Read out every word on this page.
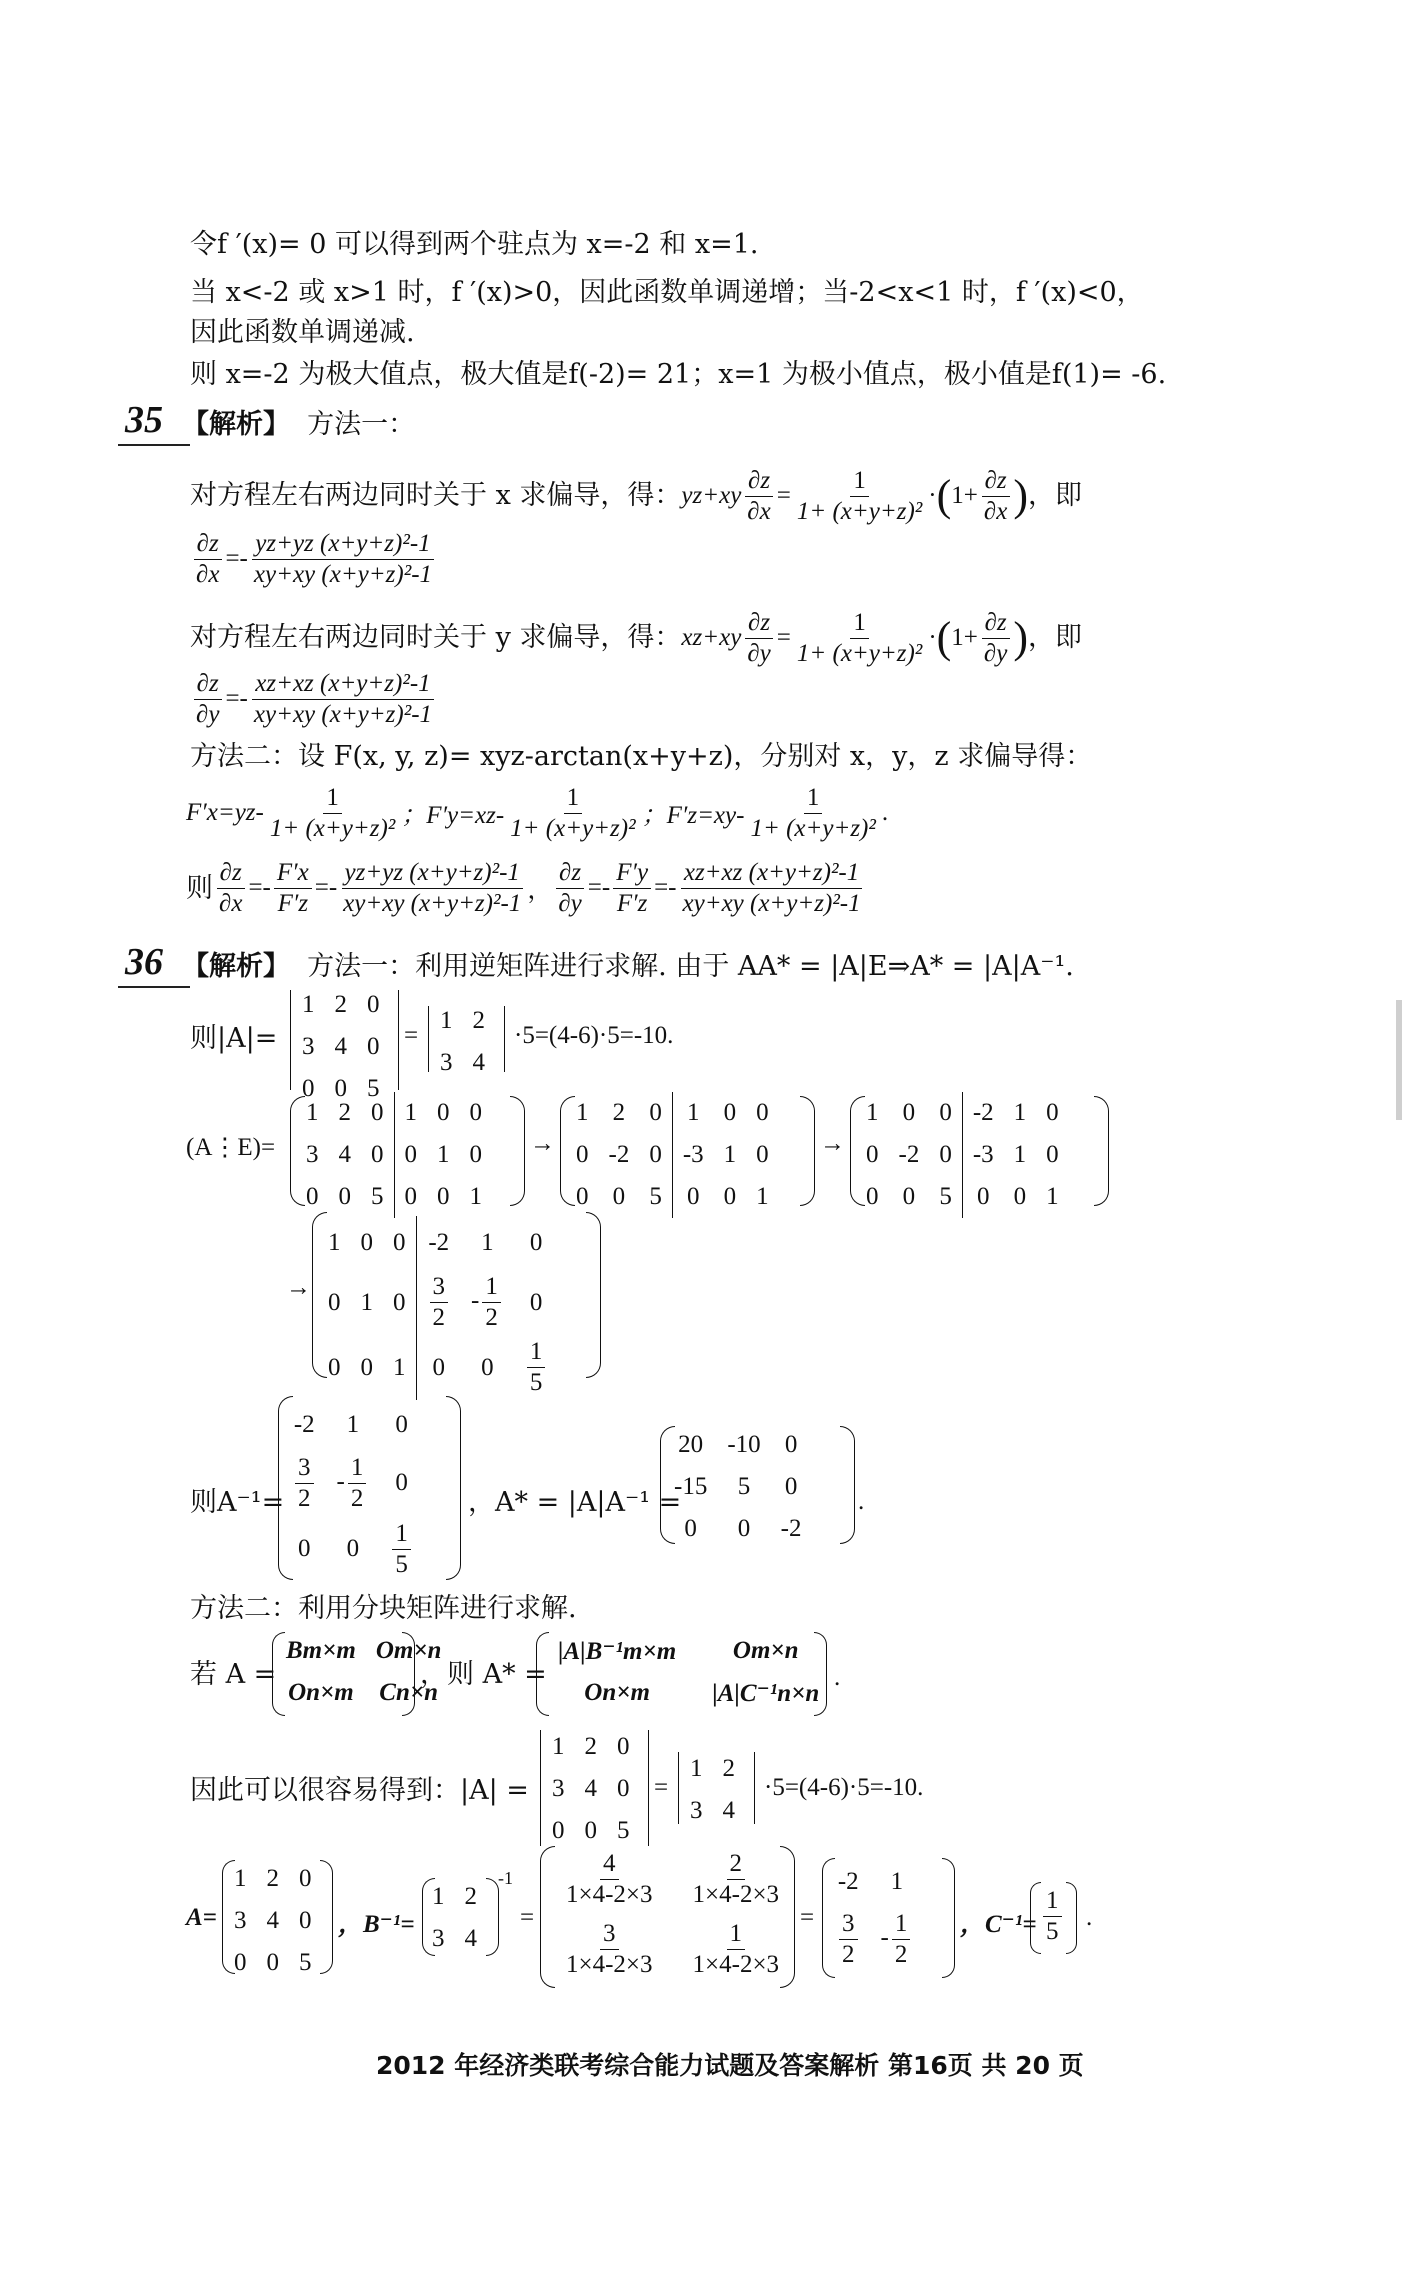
令f ′(x)= 0 可以得到两个驻点为 x=-2 和 x=1.
当 x<-2 或 x>1 时，f ′(x)>0，因此函数单调递增；当-2<x<1 时，f ′(x)<0，
因此函数单调递减.
则 x=-2 为极大值点，极大值是f(-2)= 21；x=1 为极小值点，极小值是f(1)= -6.
35 【解析】 方法一：
对方程左右两边同时关于 x 求偏导，得： $yz+xy \frac{\partial z}{\partial x} = \frac{1}{\text{1+ (x+y+z)²}}$ · ( $1+ \frac{\partial z}{\partial x}$ ) ，即
$\frac{\partial z}{\partial x} =- \frac{\text{yz+yz (x+y+z)²-1}}{\text{xy+xy (x+y+z)²-1}}$
对方程左右两边同时关于 y 求偏导，得： $xz+xy \frac{\partial z}{\partial y} = \frac{1}{\text{1+ (x+y+z)²}}$ · ( $1+ \frac{\partial z}{\partial y}$ ) ，即
$\frac{\partial z}{\partial y} =- \frac{\text{xz+xz (x+y+z)²-1}}{\text{xy+xy (x+y+z)²-1}}$
方法二：设 F(x, y, z)= xyz-arctan(x+y+z)，分别对 x，y，z 求偏导得：
$F'x=yz- \frac{1}{\text{1+ (x+y+z)²}}$ ；$F'y=xz- \frac{1}{\text{1+ (x+y+z)²}}$ ；$F'z=xy- \frac{1}{\text{1+ (x+y+z)²}}$ .
则 $\frac{\partial z}{\partial x} =- \frac{F'x}{F'z} =- \frac{\text{yz+yz (x+y+z)²-1}}{\text{xy+xy (x+y+z)²-1}}$ ， $\frac{\partial z}{\partial y} =- \frac{F'y}{F'z} =- \frac{\text{xz+xz (x+y+z)²-1}}{\text{xy+xy (x+y+z)²-1}}$
36 【解析】 方法一：利用逆矩阵进行求解. 由于 AA* = |A|E⇒A* = |A|A⁻¹.
则|A|=
1	2	0
3	4	0
0	0	5
=
1	2
3	4
·5=(4-6)·5=-10.
(A⋮E)=
1	2	0	1	0	0
3	4	0	0	1	0
0	0	5	0	0	1
→
1	2	0	1	0	0
0	-2	0	-3	1	0
0	0	5	0	0	1
→
1	0	0	-2	1	0
0	-2	0	-3	1	0
0	0	5	0	0	1
→
1	0	0	-2	1	0
0	1	0	$\frac{3}{2}$	- $\frac{1}{2}$	0
0	0	1	0	0	$\frac{1}{5}$
则A⁻¹=
-2	1	0

$\frac{3}{2}$	- $\frac{1}{2}$	0
0	0	$\frac{1}{5}$
，A* = |A|A⁻¹ =
20	-10	0
-15	5	0
0	0	-2
.
方法二：利用分块矩阵进行求解.
若 A =
Bm×m	Om×n
On×m	Cn×n
，则 A* =
|A|B⁻¹m×m	Om×n
On×m	|A|C⁻¹n×n
.
因此可以很容易得到：|A| =
1	2	0
3	4	0
0	0	5
=
1	2
3	4
·5=(4-6)·5=-10.
A=
1	2	0
3	4	0
0	0	5
，B⁻¹=
1	2
3	4
-1
=
$\frac{4}{1\times 4-2\times 3}$	$\frac{2}{1\times 4-2\times 3}$

$\frac{3}{1\times 4-2\times 3}$	$\frac{1}{1\times 4-2\times 3}$
=
-2	1

$\frac{3}{2}$	- $\frac{1}{2}$ ，$C^{-1}= \frac{1}{5}$ .
2012 年经济类联考综合能力试题及答案解析 第16页 共 20 页
